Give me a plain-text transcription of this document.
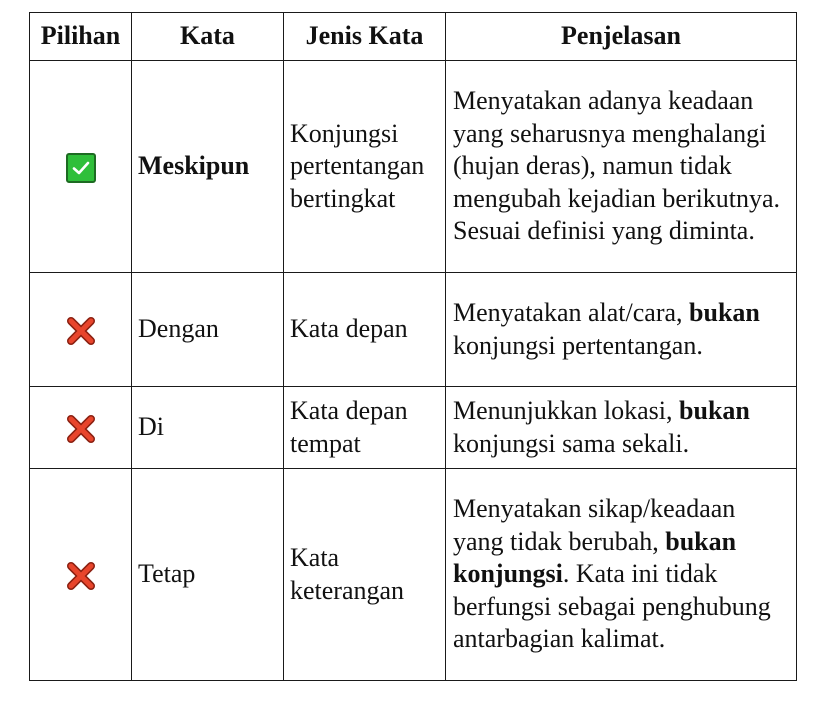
Pilihan	Kata	Jenis Kata	Penjelasan

	Meskipun	Konjungsi pertentangan bertingkat	Menyatakan adanya keadaan yang seharusnya menghalangi (hujan deras), namun tidak mengubah kejadian berikutnya. Sesuai definisi yang diminta.

	Dengan	Kata depan	Menyatakan alat/cara, bukan konjungsi pertentangan.

	Di	Kata depan tempat	Menunjukkan lokasi, bukan konjungsi sama sekali.

	Tetap	Kata keterangan	Menyatakan sikap/keadaan yang tidak berubah, bukan konjungsi. Kata ini tidak berfungsi sebagai penghubung antarbagian kalimat.
